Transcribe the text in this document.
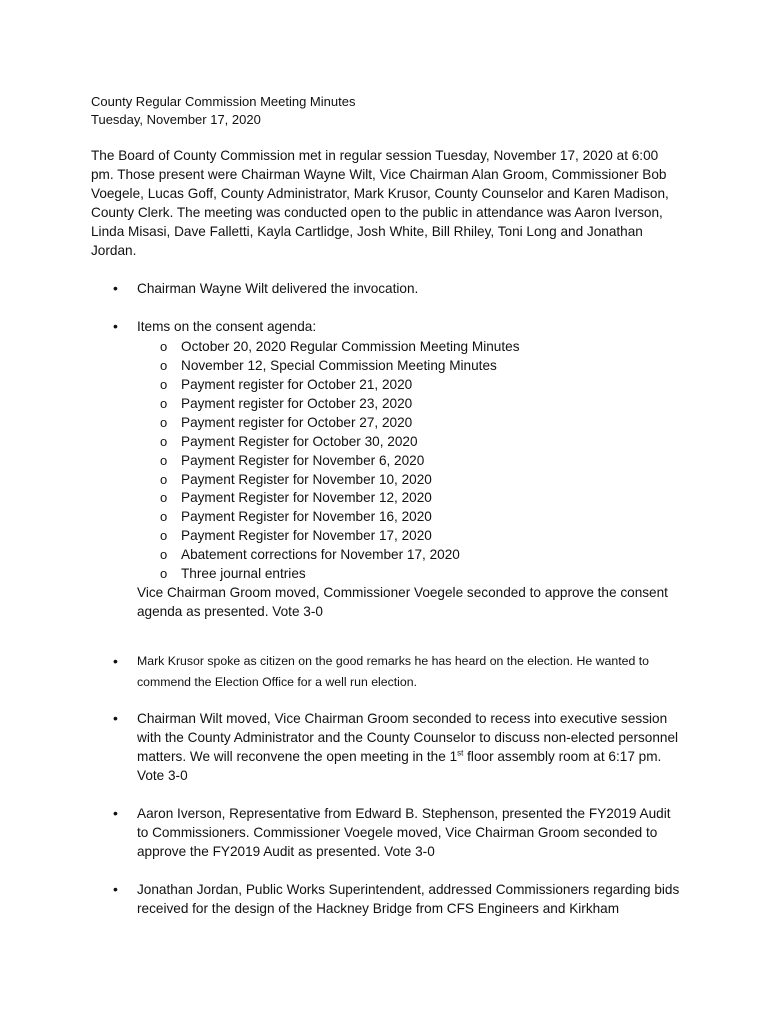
County Regular Commission Meeting Minutes
Tuesday, November 17, 2020

The Board of County Commission met in regular session Tuesday, November 17, 2020 at 6:00 pm. Those present were Chairman Wayne Wilt, Vice Chairman Alan Groom, Commissioner Bob Voegele, Lucas Goff, County Administrator, Mark Krusor, County Counselor and Karen Madison, County Clerk. The meeting was conducted open to the public in attendance was Aaron Iverson, Linda Misasi, Dave Falletti, Kayla Cartlidge, Josh White, Bill Rhiley, Toni Long and Jonathan Jordan.

• Chairman Wayne Wilt delivered the invocation.

• Items on the consent agenda:

o October 20, 2020 Regular Commission Meeting Minutes
o November 12, Special Commission Meeting Minutes
o Payment register for October 21, 2020
o Payment register for October 23, 2020
o Payment register for October 27, 2020
o Payment Register for October 30, 2020
o Payment Register for November 6, 2020
o Payment Register for November 10, 2020
o Payment Register for November 12, 2020
o Payment Register for November 16, 2020
o Payment Register for November 17, 2020
o Abatement corrections for November 17, 2020
o Three journal entries

Vice Chairman Groom moved, Commissioner Voegele seconded to approve the consent agenda as presented. Vote 3-0

• Mark Krusor spoke as citizen on the good remarks he has heard on the election. He wanted to commend the Election Office for a well run election.

• Chairman Wilt moved, Vice Chairman Groom seconded to recess into executive session with the County Administrator and the County Counselor to discuss non-elected personnel matters. We will reconvene the open meeting in the 1st floor assembly room at 6:17 pm. Vote 3-0

• Aaron Iverson, Representative from Edward B. Stephenson, presented the FY2019 Audit to Commissioners. Commissioner Voegele moved, Vice Chairman Groom seconded to approve the FY2019 Audit as presented. Vote 3-0

• Jonathan Jordan, Public Works Superintendent, addressed Commissioners regarding bids received for the design of the Hackney Bridge from CFS Engineers and Kirkham
